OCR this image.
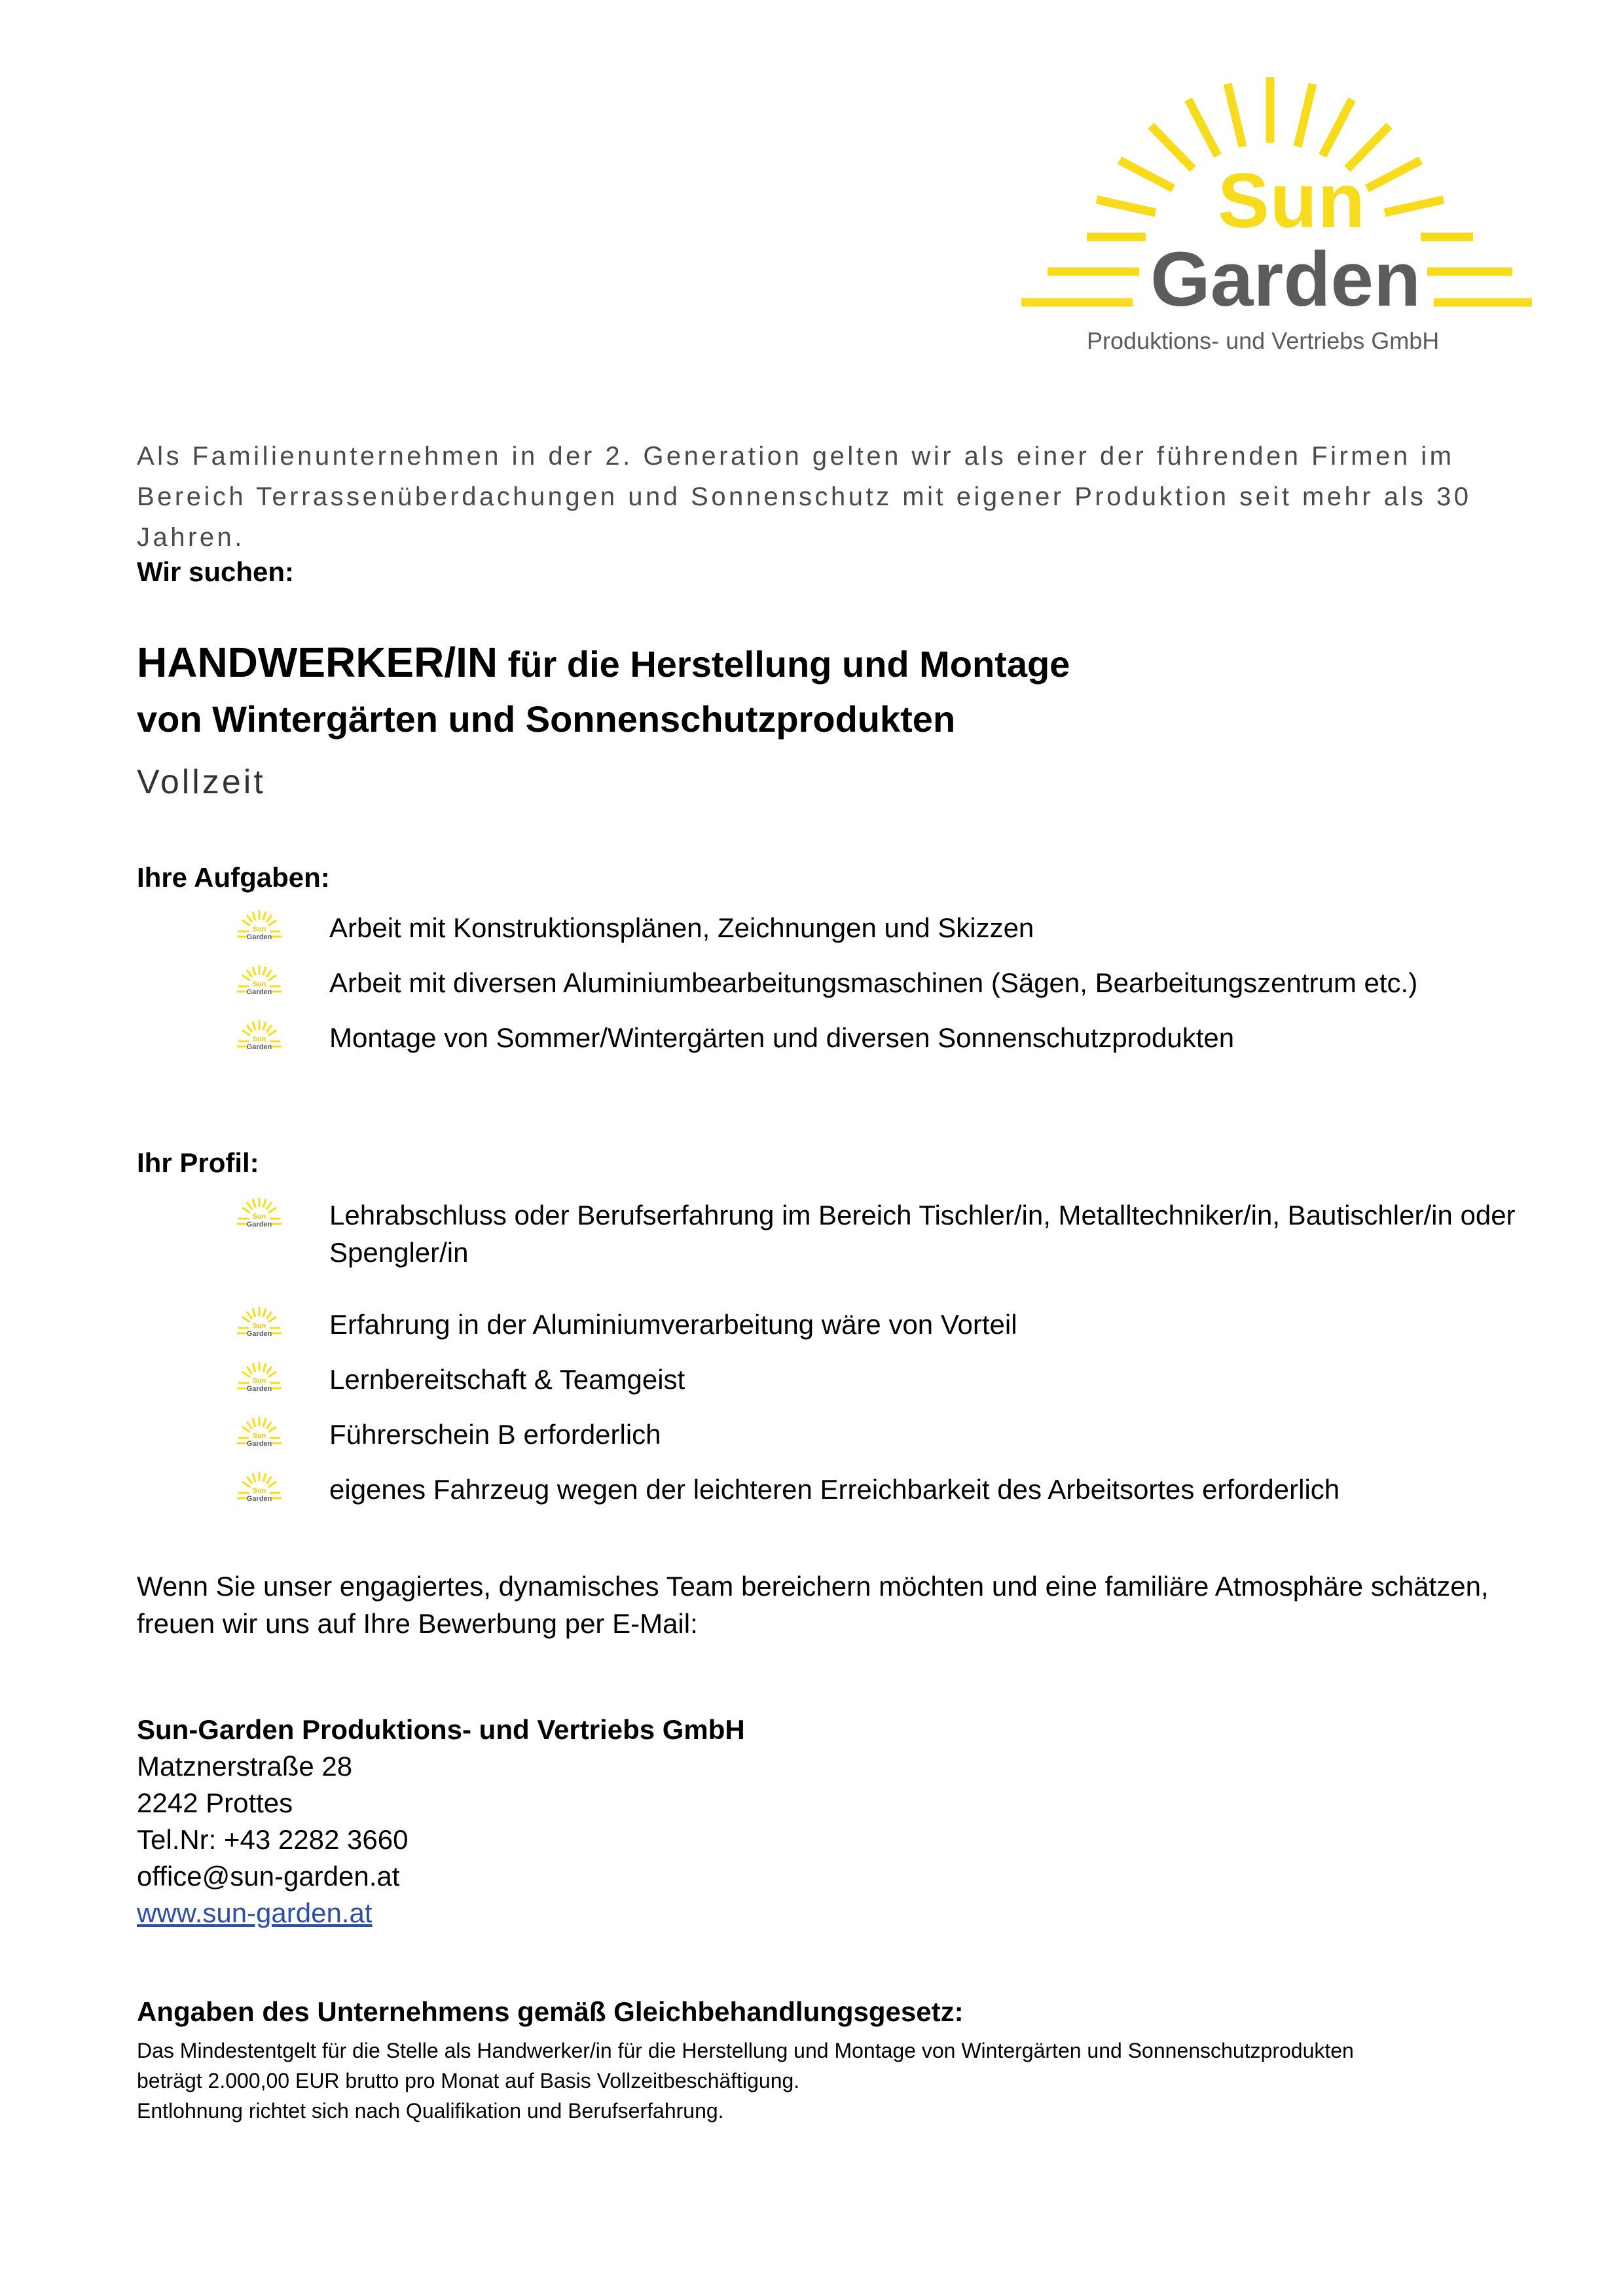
Sun
Garden
Produktions- und Vertriebs GmbH
Als Familienunternehmen in der 2. Generation gelten wir als einer der führenden Firmen im Bereich Terrassenüberdachungen und Sonnenschutz mit eigener Produktion seit mehr als 30 Jahren.
Wir suchen:
HANDWERKER/IN für die Herstellung und Montage
von Wintergärten und Sonnenschutzprodukten
Vollzeit
Ihre Aufgaben:
Sun
Garden Arbeit mit Konstruktionsplänen, Zeichnungen und Skizzen
Sun
Garden Arbeit mit diversen Aluminiumbearbeitungsmaschinen (Sägen, Bearbeitungszentrum etc.)
Sun
Garden Montage von Sommer/Wintergärten und diversen Sonnenschutzprodukten
Ihr Profil:
Sun
Garden Lehrabschluss oder Berufserfahrung im Bereich Tischler/in, Metalltechniker/in, Bautischler/in oder Spengler/in
Sun
Garden Erfahrung in der Aluminiumverarbeitung wäre von Vorteil
Sun
Garden Lernbereitschaft & Teamgeist
Sun
Garden Führerschein B erforderlich
Sun
Garden eigenes Fahrzeug wegen der leichteren Erreichbarkeit des Arbeitsortes erforderlich
Wenn Sie unser engagiertes, dynamisches Team bereichern möchten und eine familiäre Atmosphäre schätzen, freuen wir uns auf Ihre Bewerbung per E-Mail:
Sun-Garden Produktions- und Vertriebs GmbH
Matznerstraße 28
2242 Prottes
Tel.Nr: +43 2282 3660
office@sun-garden.at
www.sun-garden.at
Angaben des Unternehmens gemäß Gleichbehandlungsgesetz:
Das Mindestentgelt für die Stelle als Handwerker/in für die Herstellung und Montage von Wintergärten und Sonnenschutzprodukten
beträgt 2.000,00 EUR brutto pro Monat auf Basis Vollzeitbeschäftigung.
Entlohnung richtet sich nach Qualifikation und Berufserfahrung.
